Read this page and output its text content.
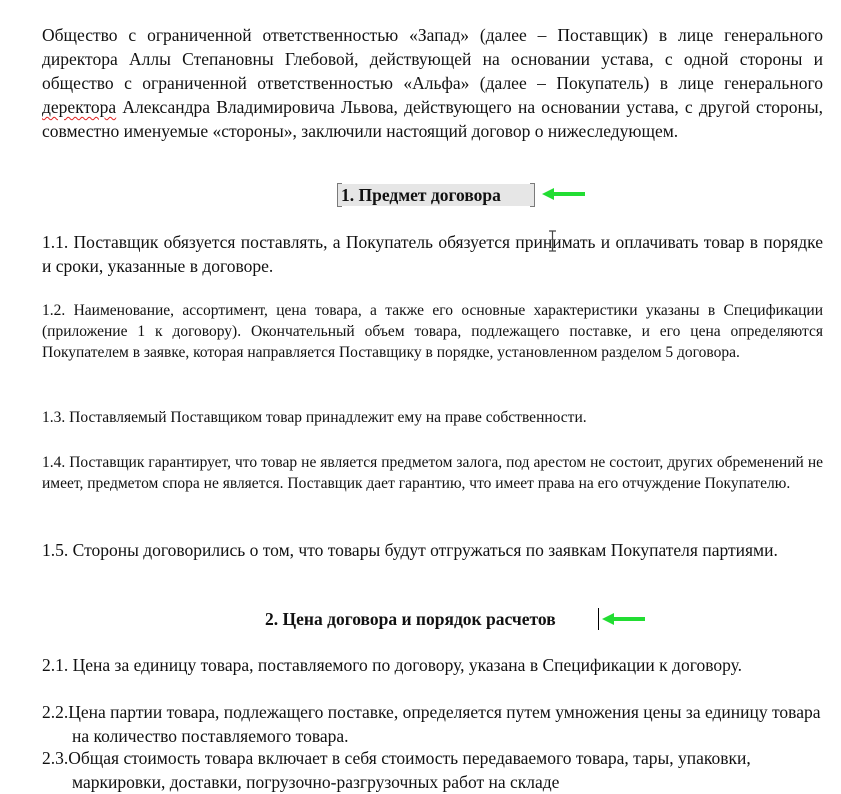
Общество с ограниченной ответственностью «Запад» (далее – Поставщик) в лице генерального директора Аллы Степановны Глебовой, действующей на основании устава, с одной стороны и общество с ограниченной ответственностью «Альфа» (далее – Покупатель) в лице генерального деректора Александра Владимировича Львова, действующего на основании устава, с другой стороны, совместно именуемые «стороны», заключили настоящий договор о нижеследующем.

1. Предмет договора

1.1. Поставщик обязуется поставлять, а Покупатель обязуется принимать и оплачивать товар в порядке и сроки, указанные в договоре.

1.2. Наименование, ассортимент, цена товара, а также его основные характеристики указаны в Спецификации (приложение 1 к договору). Окончательный объем товара, подлежащего поставке, и его цена определяются Покупателем в заявке, которая направляется Поставщику в порядке, установленном разделом 5 договора.

1.3. Поставляемый Поставщиком товар принадлежит ему на праве собственности.

1.4. Поставщик гарантирует, что товар не является предметом залога, под арестом не состоит, других обременений не имеет, предметом спора не является. Поставщик дает гарантию, что имеет права на его отчуждение Покупателю.

1.5. Стороны договорились о том, что товары будут отгружаться по заявкам Покупателя партиями.

2. Цена договора и порядок расчетов

2.1. Цена за единицу товара, поставляемого по договору, указана в Спецификации к договору.

2.2.Цена партии товара, подлежащего поставке, определяется путем умножения цены за единицу товара на количество поставляемого товара.

2.3.Общая стоимость товара включает в себя стоимость передаваемого товара, тары, упаковки, маркировки, доставки, погрузочно-разгрузочных работ на складе
